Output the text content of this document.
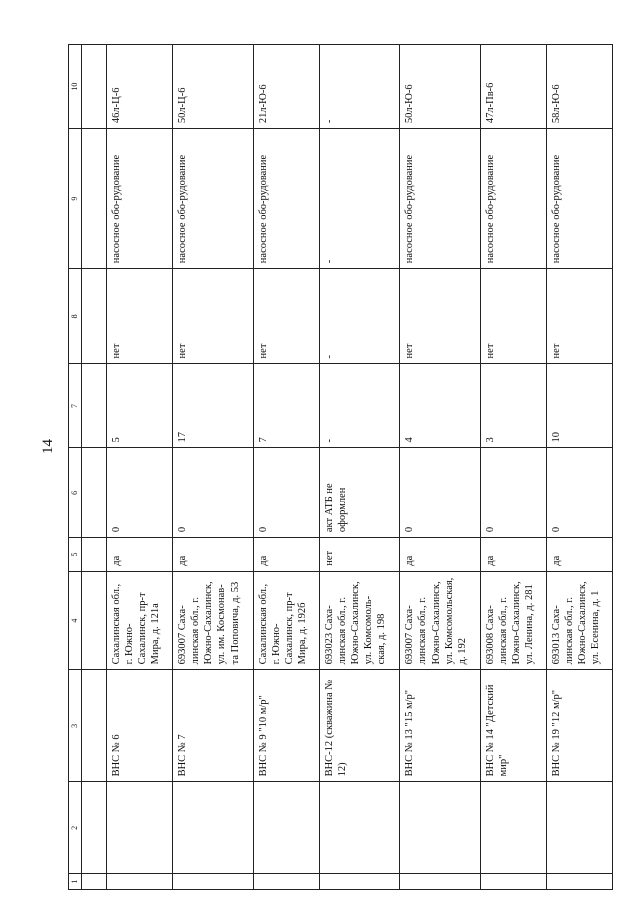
14
1	2	3	4	5	6	7	8	9	10

		ВНС № 6	Сахалинская обл., г. Южно-Сахалинск, пр-т Мира, д. 121а	да	0	5	нет	насосное обо-рудование	46л-Ц-6
		ВНС № 7	693007 Саха-линская обл., г. Южно-Сахалинск, ул. им. Космонав-та Поповича, д. 53	да	0	17	нет	насосное обо-рудование	50л-Ц-6
		ВНС № 9 "10 м/р"	Сахалинская обл., г. Южно-Сахалинск, пр-т Мира, д. 192б	да	0	7	нет	насосное обо-рудование	21л-Ю-6
		ВНС-12 (скважина № 12)	693023 Саха-линская обл., г. Южно-Сахалинск, ул. Комсомоль-ская, д. 198	нет	акт АТБ не оформлен	-	-	-	-
		ВНС № 13 "15 м/р"	693007 Саха-линская обл., г. Южно-Сахалинск, ул. Комсомольская, д. 192	да	0	4	нет	насосное обо-рудование	50л-Ю-6
		ВНС № 14 "Детский мир"	693008 Саха-линская обл., г. Южно-Сахалинск, ул. Ленина, д. 281	да	0	3	нет	насосное обо-рудование	47л-Пв-6
		ВНС № 19 "12 м/р"	693013 Саха-линская обл., г. Южно-Сахалинск, ул. Есенина, д. 1	да	0	10	нет	насосное обо-рудование	58л-Ю-6
